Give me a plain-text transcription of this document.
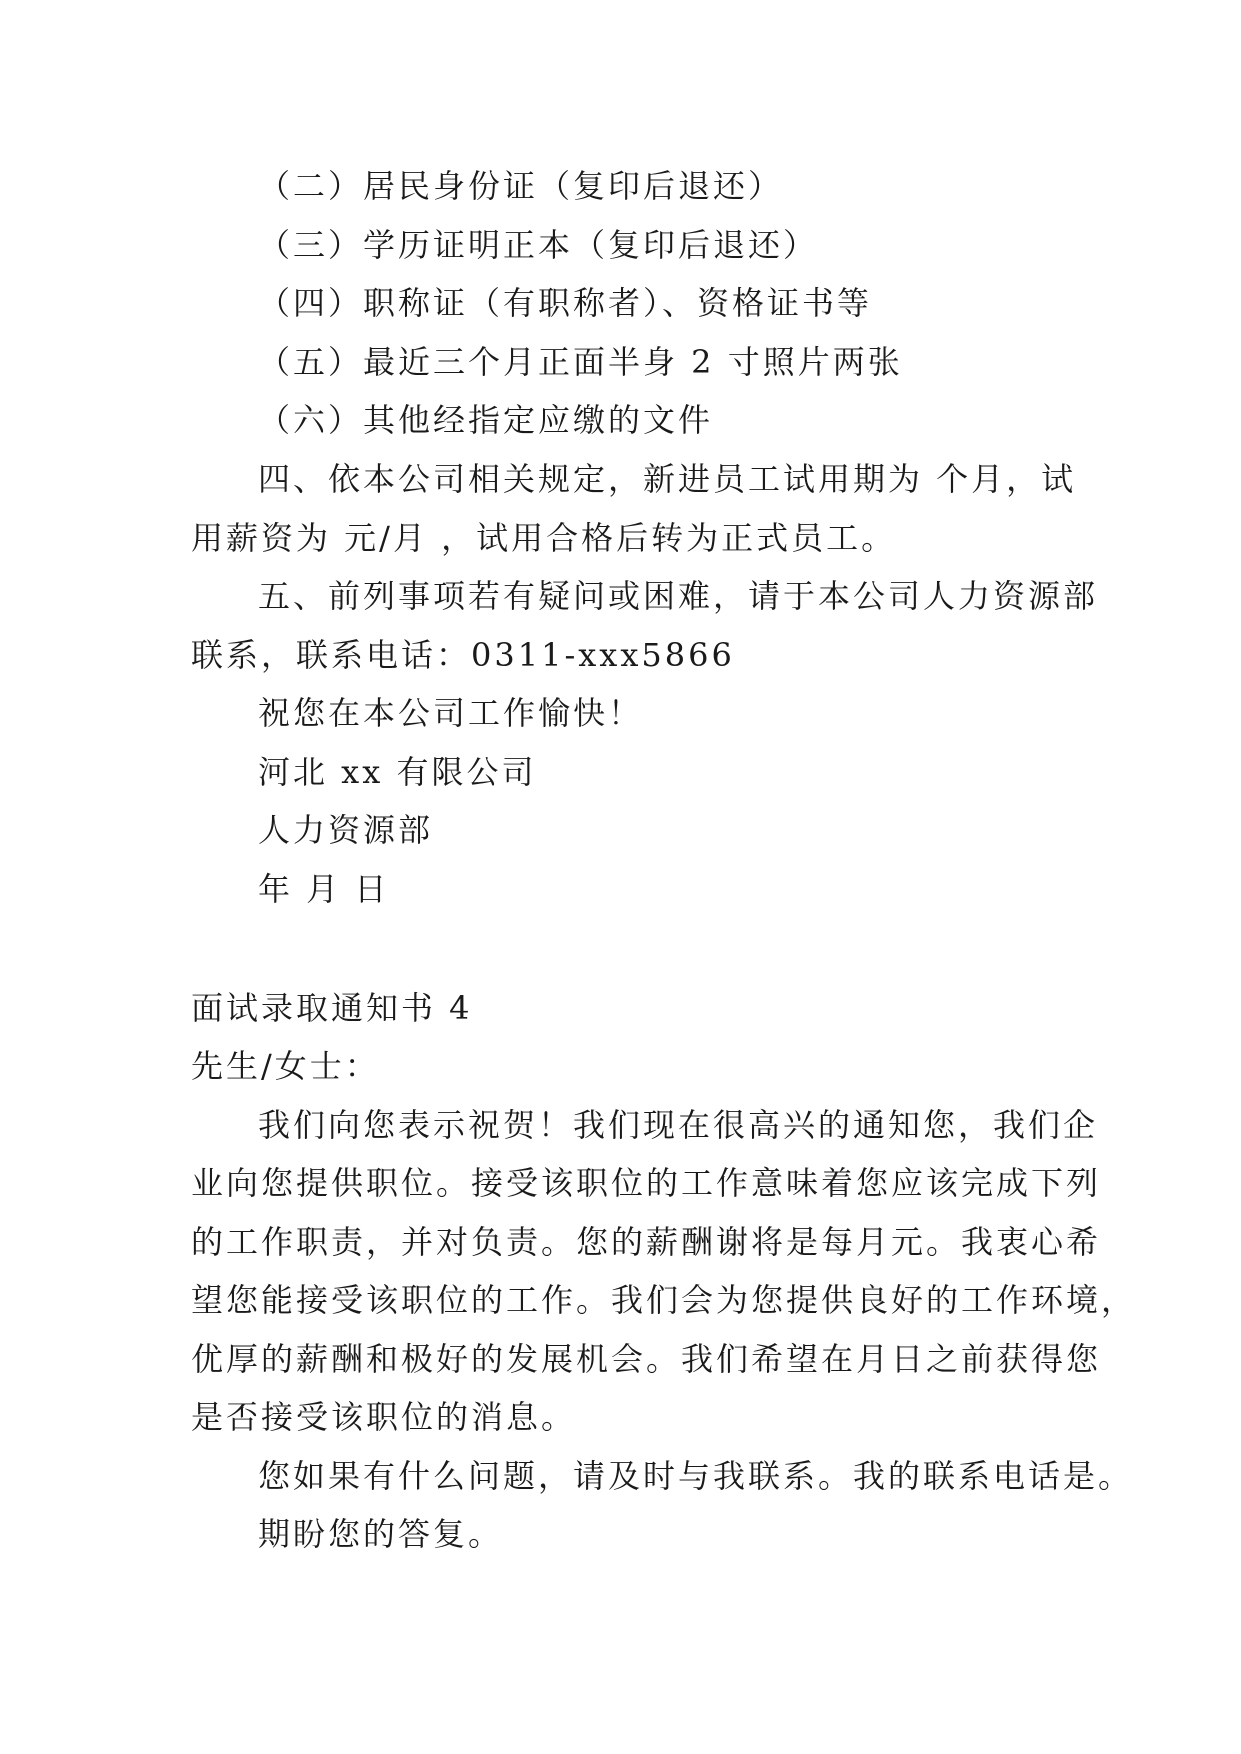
（二）居民身份证（复印后退还）
（三）学历证明正本（复印后退还）
（四）职称证（有职称者）、资格证书等
（五）最近三个月正面半身 2 寸照片两张
（六）其他经指定应缴的文件
四、依本公司相关规定，新进员工试用期为 个月，试
用薪资为 元/月 ，试用合格后转为正式员工。
五、前列事项若有疑问或困难，请于本公司人力资源部
联系，联系电话：0311-xxx5866
祝您在本公司工作愉快！
河北 xx 有限公司
人力资源部
年 月 日
面试录取通知书 4
先生/女士：
我们向您表示祝贺！我们现在很高兴的通知您，我们企
业向您提供职位。接受该职位的工作意味着您应该完成下列
的工作职责，并对负责。您的薪酬谢将是每月元。我衷心希
望您能接受该职位的工作。我们会为您提供良好的工作环境，
优厚的薪酬和极好的发展机会。我们希望在月日之前获得您
是否接受该职位的消息。
您如果有什么问题，请及时与我联系。我的联系电话是。
期盼您的答复。
